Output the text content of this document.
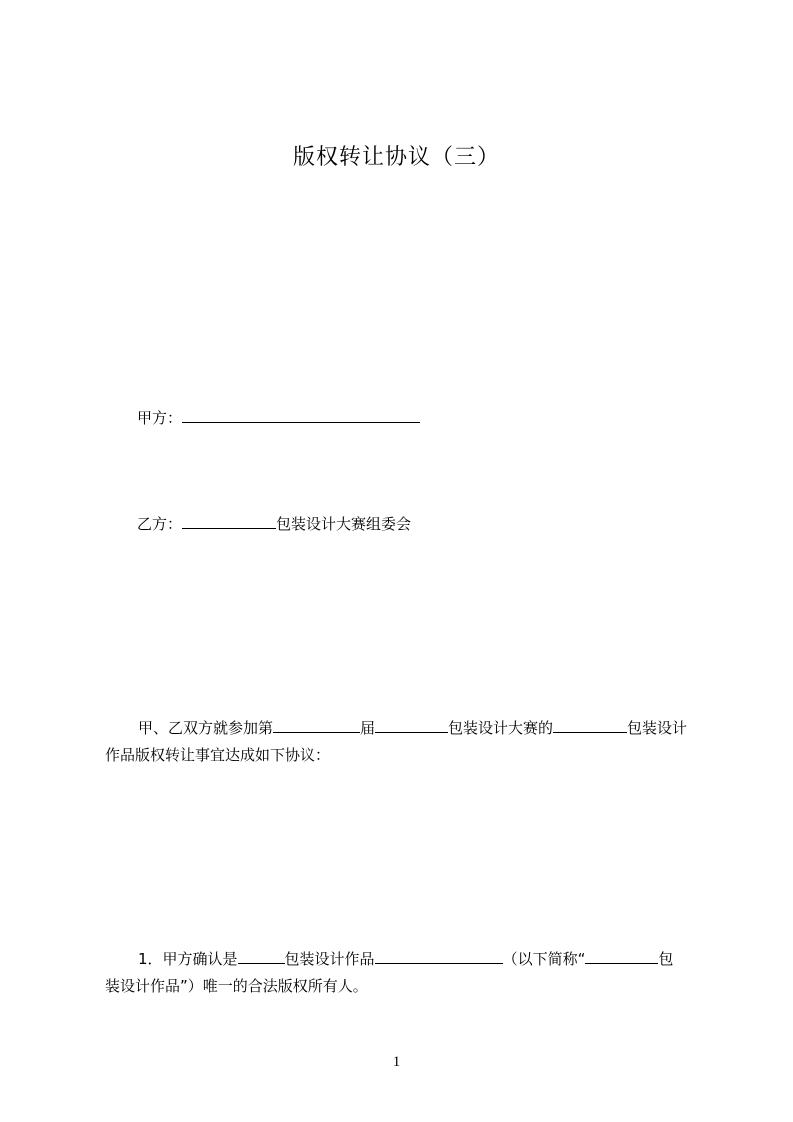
版权转让协议（三）
甲方：
乙方：	包装设计大赛组委会
甲、乙双方就参加第	届	包装设计大赛的	包装设计
作品版权转让事宜达成如下协议：
1．甲方确认是	包装设计作品	（以下简称“	包
装设计作品”）唯一的合法版权所有人。
1
